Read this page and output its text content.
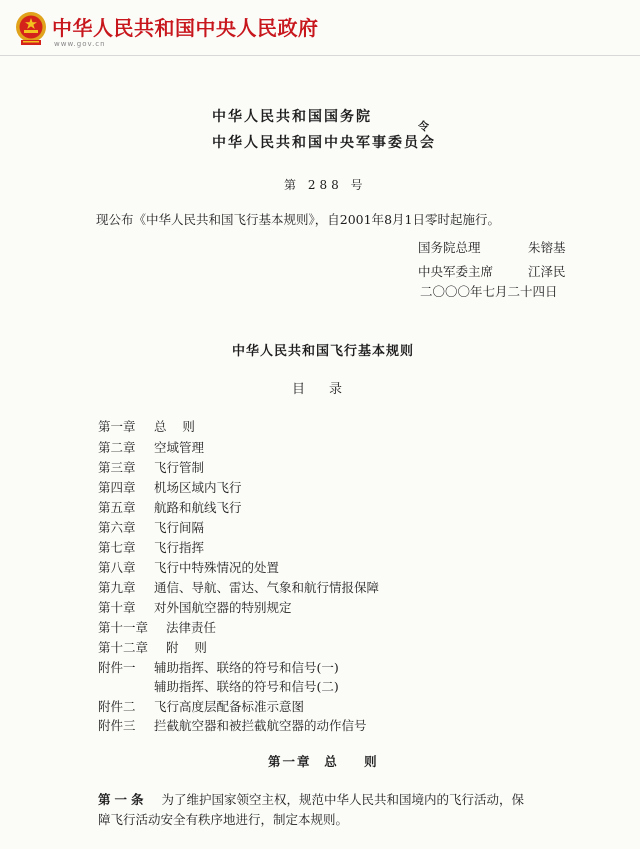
中华人民共和国中央人民政府
www.gov.cn
中华人民共和国国务院
中华人民共和国中央军事委员会
令
第 288 号
现公布《中华人民共和国飞行基本规则》，自2001年8月1日零时起施行。
国务院总理	朱镕基
中央军委主席	江泽民
二〇〇〇年七月二十四日
中华人民共和国飞行基本规则
目录
第一章 总    则
第二章 空域管理
第三章 飞行管制
第四章 机场区域内飞行
第五章 航路和航线飞行
第六章 飞行间隔
第七章 飞行指挥
第八章 飞行中特殊情况的处置
第九章 通信、导航、雷达、气象和航行情报保障
第十章 对外国航空器的特别规定
第十一章 法律责任
第十二章 附    则
附件一 辅助指挥、联络的符号和信号(一)
辅助指挥、联络的符号和信号(二)
附件二 飞行高度层配备标准示意图
附件三 拦截航空器和被拦截航空器的动作信号
第一章  总    则
第一条 为了维护国家领空主权，规范中华人民共和国境内的飞行活动，保
障飞行活动安全有秩序地进行，制定本规则。
